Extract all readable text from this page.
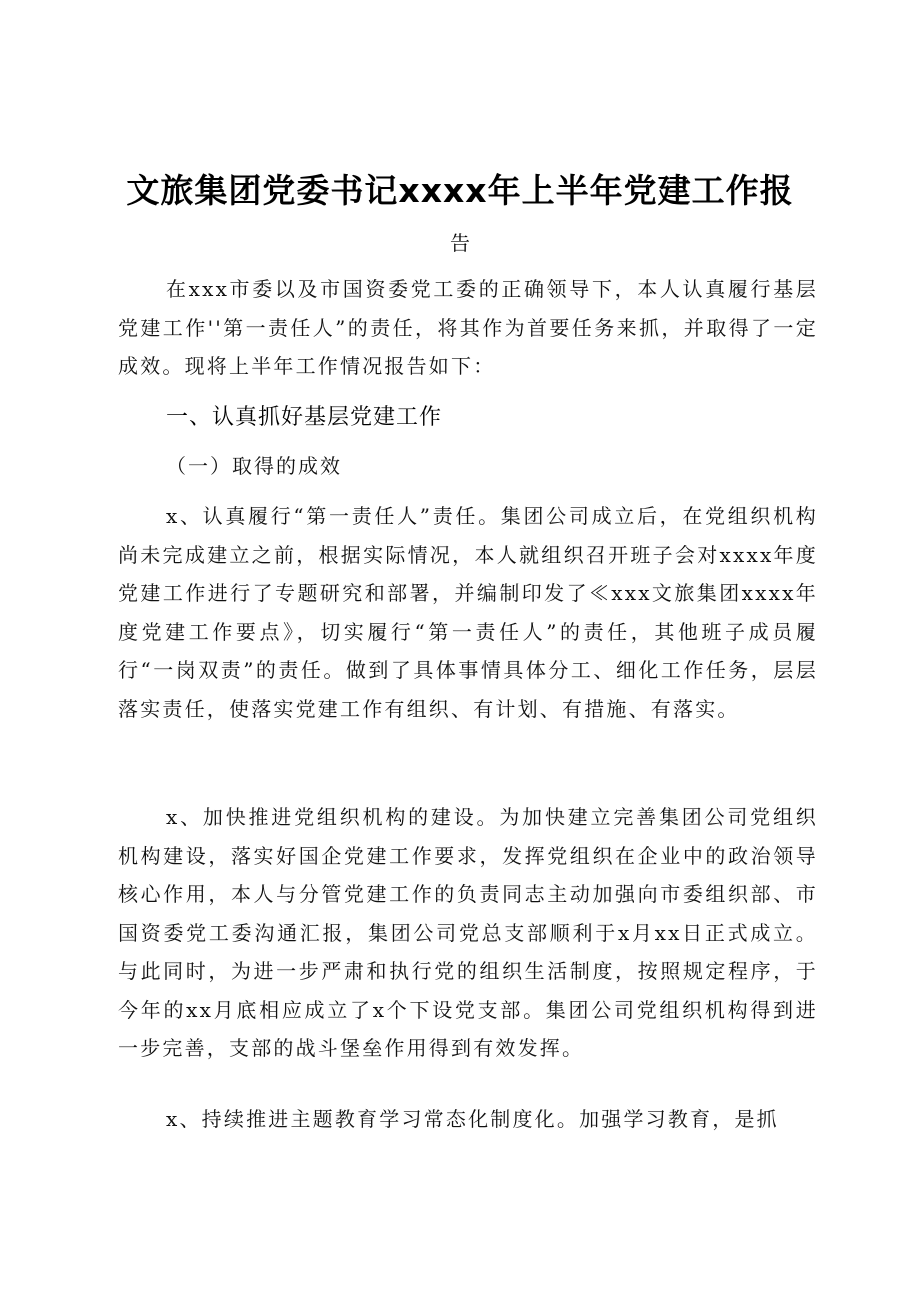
文旅集团党委书记xxxx年上半年党建工作报
告

在xxx市委以及市国资委党工委的正确领导下，本人认真履行基层党建工作''第一责任人”的责任，将其作为首要任务来抓，并取得了一定成效。现将上半年工作情况报告如下：

一、认真抓好基层党建工作
（一）取得的成效

x、认真履行“第一责任人”责任。集团公司成立后，在党组织机构尚未完成建立之前，根据实际情况，本人就组织召开班子会对xxxx年度党建工作进行了专题研究和部署，并编制印发了≪xxx文旅集团xxxx年度党建工作要点》，切实履行“第一责任人”的责任，其他班子成员履行“一岗双责”的责任。做到了具体事情具体分工、细化工作任务，层层落实责任，使落实党建工作有组织、有计划、有措施、有落实。

x、加快推进党组织机构的建设。为加快建立完善集团公司党组织机构建设，落实好国企党建工作要求，发挥党组织在企业中的政治领导核心作用，本人与分管党建工作的负责同志主动加强向市委组织部、市国资委党工委沟通汇报，集团公司党总支部顺利于x月xx日正式成立。与此同时，为进一步严肃和执行党的组织生活制度，按照规定程序，于今年的xx月底相应成立了x个下设党支部。集团公司党组织机构得到进一步完善，支部的战斗堡垒作用得到有效发挥。

x、持续推进主题教育学习常态化制度化。加强学习教育，是抓
